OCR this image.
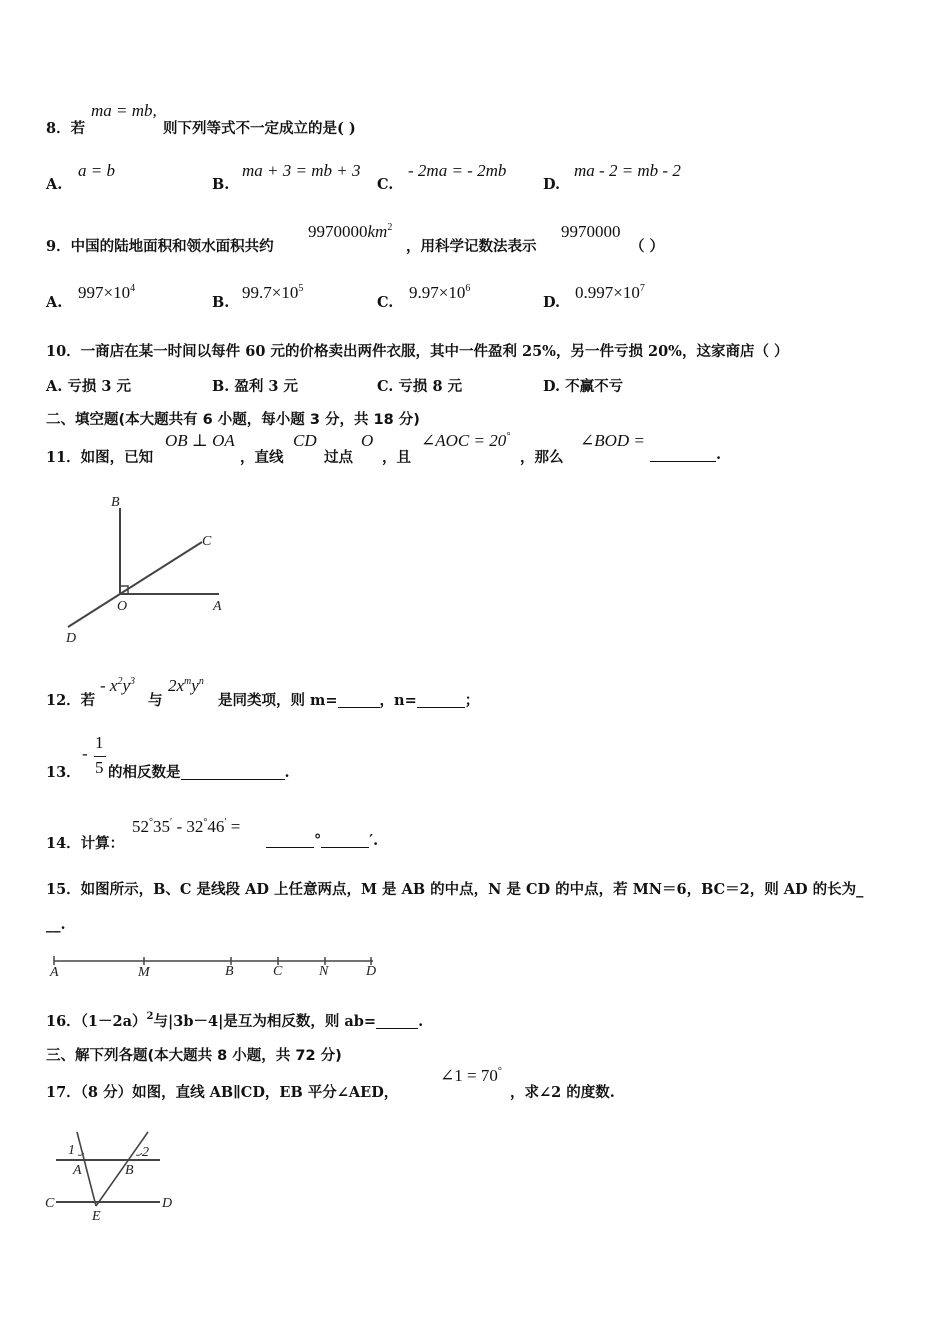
8．若
ma = mb,
则下列等式不一定成立的是( )
A.
a = b
B.
ma + 3 = mb + 3
C.
- 2ma = - 2mb
D.
ma - 2 = mb - 2
9．中国的陆地面积和领水面积共约
$9970000km^2$
，用科学记数法表示
9970000
（ ）
A.
$997\times 10^4$
B.
$99.7\times 10^5$
C.
$9.97\times 10^6$
D.
$0.997\times 10^7$
10．一商店在某一时间以每件 60 元的价格卖出两件衣服，其中一件盈利 25%，另一件亏损 20%，这家商店（ ）
A. 亏损 3 元	B. 盈利 3 元	C. 亏损 8 元	D. 不赢不亏
二、填空题(本大题共有 6 小题，每小题 3 分，共 18 分)
11．如图，已知
OB ⊥ OA
，直线
CD
过点
O
，且
∠AOC = 20°
，那么
∠BOD =
.
B
C
O	A
D
12．若
- $x^2y^3$
与
$2x^my^n$
是同类项，则 m=	，n=	；
13．
-
1
5 的相反数是	.
14．计算：
52°35′ - 32°46′ =
°	′.
15．如图所示，B、C 是线段 AD 上任意两点，M 是 AB 的中点，N 是 CD 的中点，若 MN＝6，BC＝2，则 AD 的长为_
__.
A	M	B	C	N	D
16．$(1-2a)^2$与|3b－4|是互为相反数，则 ab=	.
三、解下列各题(本大题共 8 小题，共 72 分)
17．（8 分）如图，直线 AB∥CD，EB 平分∠AED，
∠1 = 70°
，求∠2 的度数.
1	2
A	B
C	D
E
